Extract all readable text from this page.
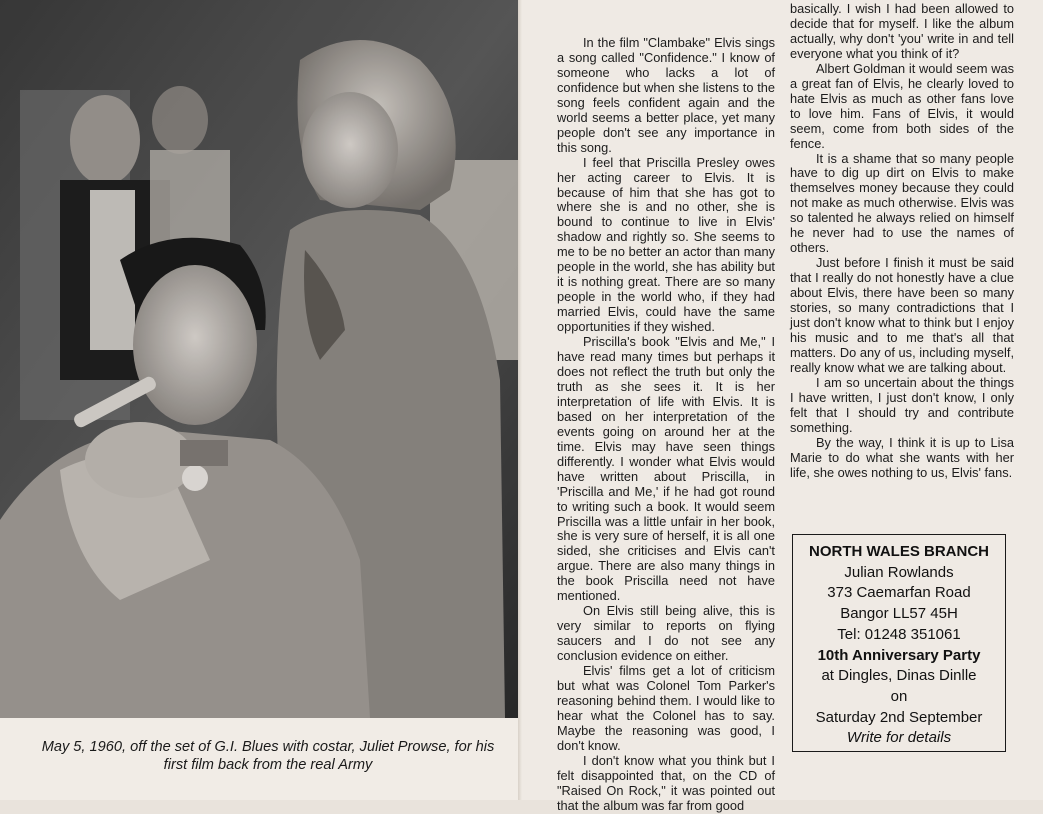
May 5, 1960, off the set of G.I. Blues with costar, Juliet Prowse, for his first film back from the real Army

In the film "Clambake" Elvis sings a song called "Confidence." I know of someone who lacks a lot of confidence but when she listens to the song feels confident again and the world seems a better place, yet many people don't see any importance in this song.

I feel that Priscilla Presley owes her acting career to Elvis. It is because of him that she has got to where she is and no other, she is bound to continue to live in Elvis' shadow and rightly so. She seems to me to be no better an actor than many people in the world, she has ability but it is nothing great. There are so many people in the world who, if they had married Elvis, could have the same opportunities if they wished.

Priscilla's book "Elvis and Me," I have read many times but perhaps it does not reflect the truth but only the truth as she sees it. It is her interpretation of life with Elvis. It is based on her interpretation of the events going on around her at the time. Elvis may have seen things differently. I wonder what Elvis would have written about Priscilla, in 'Priscilla and Me,' if he had got round to writing such a book. It would seem Priscilla was a little unfair in her book, she is very sure of herself, it is all one sided, she criticises and Elvis can't argue. There are also many things in the book Priscilla need not have mentioned.

On Elvis still being alive, this is very similar to reports on flying saucers and I do not see any conclusion evidence on either.

Elvis' films get a lot of criticism but what was Colonel Tom Parker's reasoning behind them. I would like to hear what the Colonel has to say. Maybe the reasoning was good, I don't know.

I don't know what you think but I felt disappointed that, on the CD of "Raised On Rock," it was pointed out that the album was far from good

basically. I wish I had been allowed to decide that for myself. I like the album actually, why don't 'you' write in and tell everyone what you think of it?

Albert Goldman it would seem was a great fan of Elvis, he clearly loved to hate Elvis as much as other fans love to love him. Fans of Elvis, it would seem, come from both sides of the fence.

It is a shame that so many people have to dig up dirt on Elvis to make themselves money because they could not make as much otherwise. Elvis was so talented he always relied on himself he never had to use the names of others.

Just before I finish it must be said that I really do not honestly have a clue about Elvis, there have been so many stories, so many contradictions that I just don't know what to think but I enjoy his music and to me that's all that matters. Do any of us, including myself, really know what we are talking about.

I am so uncertain about the things I have written, I just don't know, I only felt that I should try and contribute something.

By the way, I think it is up to Lisa Marie to do what she wants with her life, she owes nothing to us, Elvis' fans.

NORTH WALES BRANCH
Julian Rowlands
373 Caemarfan Road
Bangor LL57 45H
Tel: 01248 351061
10th Anniversary Party
at Dingles, Dinas Dinlle
on
Saturday 2nd September
Write for details
